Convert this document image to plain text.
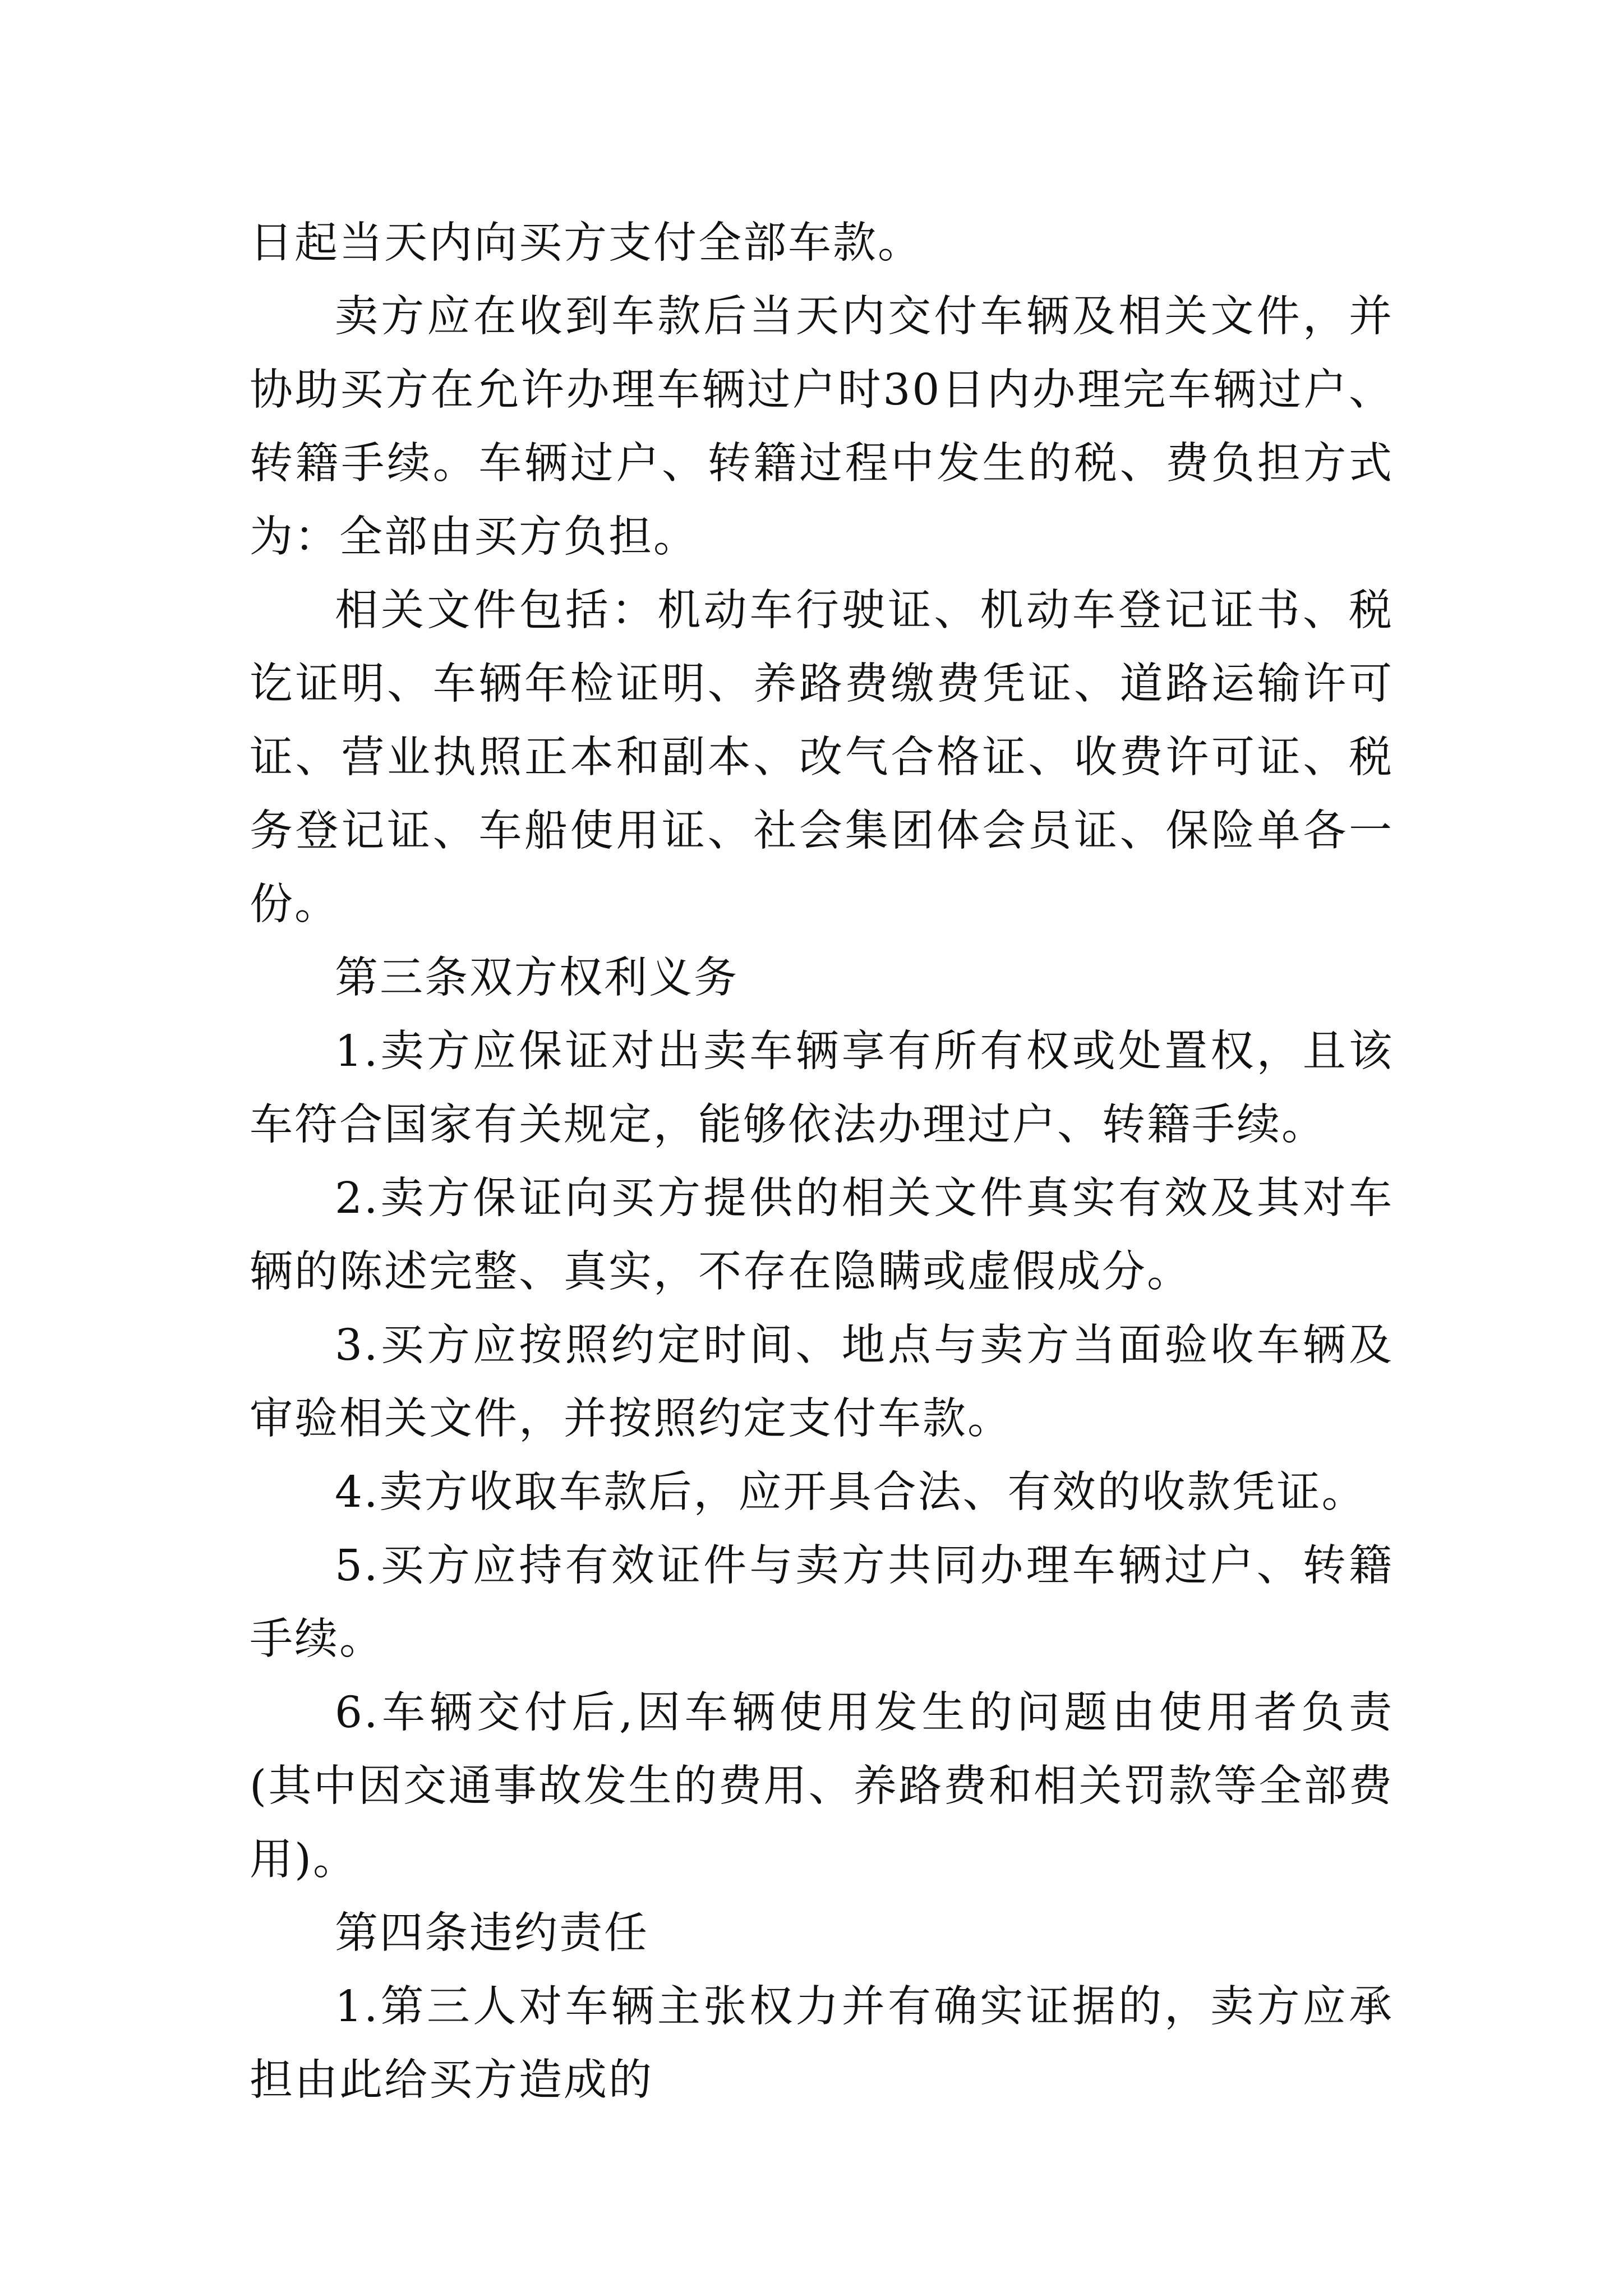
日起当天内向买方支付全部车款。

卖方应在收到车款后当天内交付车辆及相关文件，并协助买方在允许办理车辆过户时30日内办理完车辆过户、转籍手续。车辆过户、转籍过程中发生的税、费负担方式为：全部由买方负担。

相关文件包括：机动车行驶证、机动车登记证书、税讫证明、车辆年检证明、养路费缴费凭证、道路运输许可证、营业执照正本和副本、改气合格证、收费许可证、税务登记证、车船使用证、社会集团体会员证、保险单各一份。

第三条双方权利义务

1.卖方应保证对出卖车辆享有所有权或处置权，且该车符合国家有关规定，能够依法办理过户、转籍手续。

2.卖方保证向买方提供的相关文件真实有效及其对车辆的陈述完整、真实，不存在隐瞒或虚假成分。

3.买方应按照约定时间、地点与卖方当面验收车辆及审验相关文件，并按照约定支付车款。

4.卖方收取车款后，应开具合法、有效的收款凭证。

5.买方应持有效证件与卖方共同办理车辆过户、转籍手续。

6.车辆交付后,因车辆使用发生的问题由使用者负责(其中因交通事故发生的费用、养路费和相关罚款等全部费用)。

第四条违约责任

1.第三人对车辆主张权力并有确实证据的，卖方应承担由此给买方造成的
